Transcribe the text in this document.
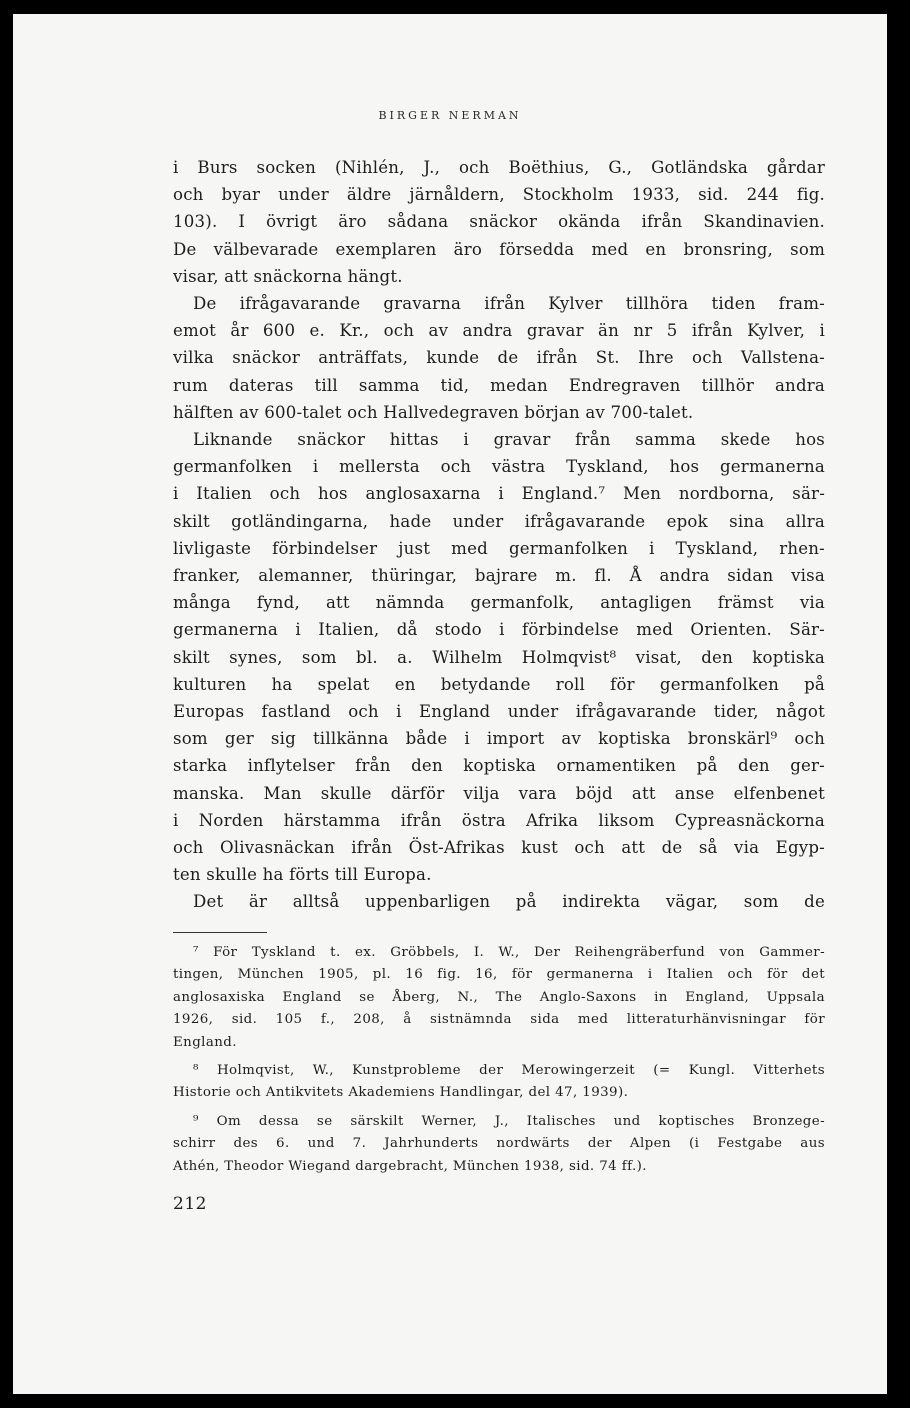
BIRGER NERMAN

i Burs socken (Nihlén, J., och Boëthius, G., Gotländska gårdar
och byar under äldre järnåldern, Stockholm 1933, sid. 244 fig.
103). I övrigt äro sådana snäckor okända ifrån Skandinavien.
De välbevarade exemplaren äro försedda med en bronsring, som
visar, att snäckorna hängt.

De ifrågavarande gravarna ifrån Kylver tillhöra tiden fram-
emot år 600 e. Kr., och av andra gravar än nr 5 ifrån Kylver, i
vilka snäckor anträffats, kunde de ifrån St. Ihre och Vallstena-
rum dateras till samma tid, medan Endregraven tillhör andra
hälften av 600-talet och Hallvedegraven början av 700-talet.

Liknande snäckor hittas i gravar från samma skede hos
germanfolken i mellersta och västra Tyskland, hos germanerna
i Italien och hos anglosaxarna i England.⁷ Men nordborna, sär-
skilt gotländingarna, hade under ifrågavarande epok sina allra
livligaste förbindelser just med germanfolken i Tyskland, rhen-
franker, alemanner, thüringar, bajrare m. fl. Å andra sidan visa
många fynd, att nämnda germanfolk, antagligen främst via
germanerna i Italien, då stodo i förbindelse med Orienten. Sär-
skilt synes, som bl. a. Wilhelm Holmqvist⁸ visat, den koptiska
kulturen ha spelat en betydande roll för germanfolken på
Europas fastland och i England under ifrågavarande tider, något
som ger sig tillkänna både i import av koptiska bronskärl⁹ och
starka inflytelser från den koptiska ornamentiken på den ger-
manska. Man skulle därför vilja vara böjd att anse elfenbenet
i Norden härstamma ifrån östra Afrika liksom Cypreasnäckorna
och Olivasnäckan ifrån Öst-Afrikas kust och att de så via Egyp-
ten skulle ha förts till Europa.

Det är alltså uppenbarligen på indirekta vägar, som de

⁷ För Tyskland t. ex. Gröbbels, I. W., Der Reihengräberfund von Gammer-
tingen, München 1905, pl. 16 fig. 16, för germanerna i Italien och för det
anglosaxiska England se Åberg, N., The Anglo-Saxons in England, Uppsala
1926, sid. 105 f., 208, å sistnämnda sida med litteraturhänvisningar för
England.
⁸ Holmqvist, W., Kunstprobleme der Merowingerzeit (= Kungl. Vitterhets
Historie och Antikvitets Akademiens Handlingar, del 47, 1939).
⁹ Om dessa se särskilt Werner, J., Italisches und koptisches Bronzege-
schirr des 6. und 7. Jahrhunderts nordwärts der Alpen (i Festgabe aus
Athén, Theodor Wiegand dargebracht, München 1938, sid. 74 ff.).
212
